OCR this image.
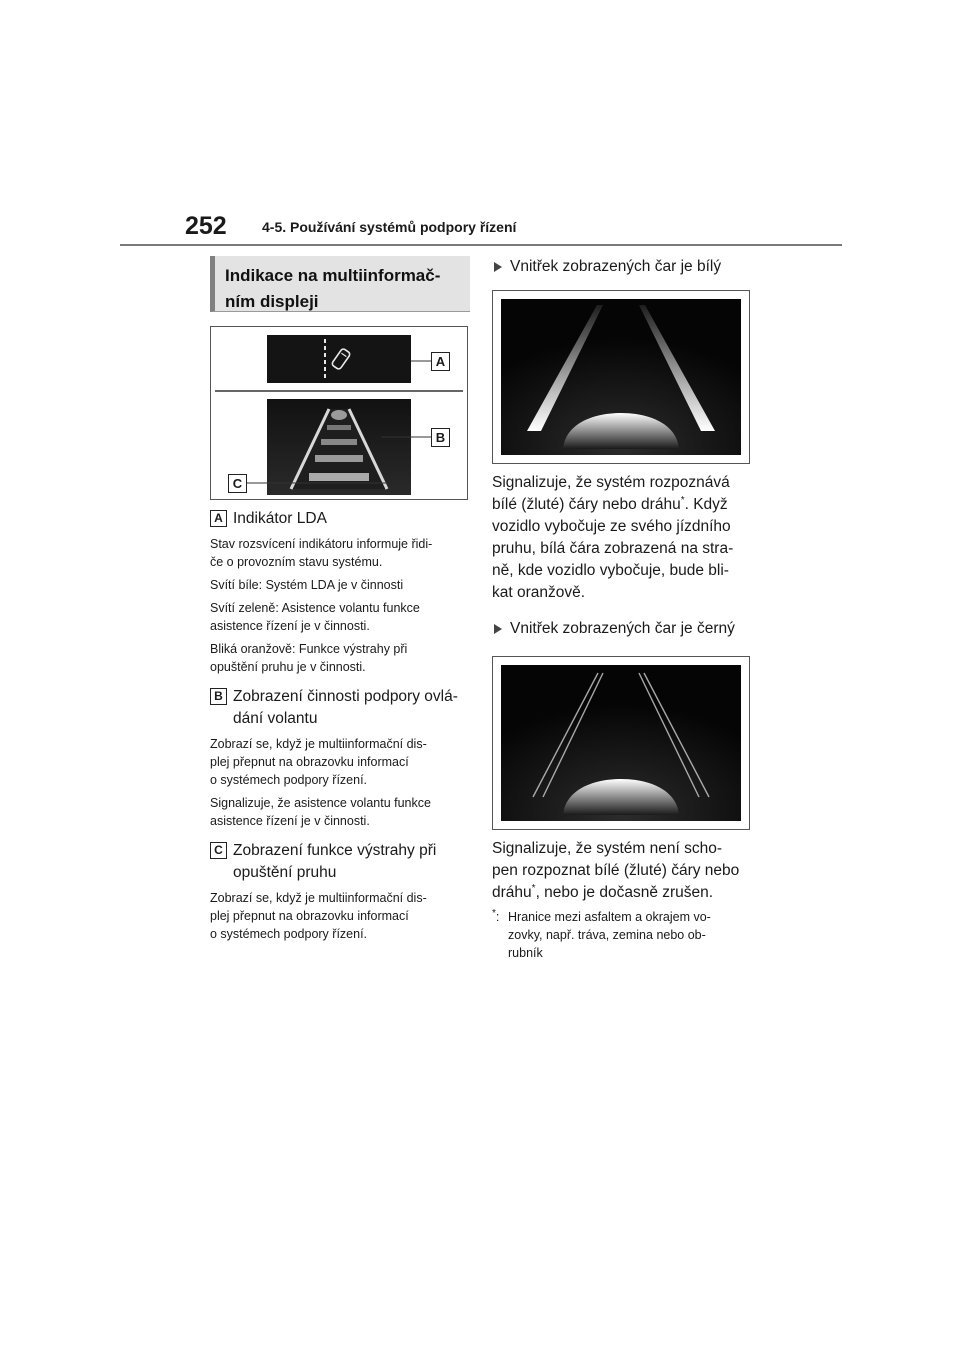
252	4-5. Používání systémů podpory řízení
Indikace na multiinformač-
ním displeji
A
B
C
A Indikátor LDA
Stav rozsvícení indikátoru informuje řidi-
če o provozním stavu systému.
Svítí bíle: Systém LDA je v činnosti
Svítí zeleně: Asistence volantu funkce
asistence řízení je v činnosti.
Bliká oranžově: Funkce výstrahy při
opuštění pruhu je v činnosti.
B Zobrazení činnosti podpory ovlá-
dání volantu
Zobrazí se, když je multiinformační dis-
plej přepnut na obrazovku informací
o systémech podpory řízení.
Signalizuje, že asistence volantu funkce
asistence řízení je v činnosti.
C Zobrazení funkce výstrahy při
opuštění pruhu
Zobrazí se, když je multiinformační dis-
plej přepnut na obrazovku informací
o systémech podpory řízení.
Vnitřek zobrazených čar je bílý
Signalizuje, že systém rozpoznává
bílé (žluté) čáry nebo dráhu*. Když
vozidlo vybočuje ze svého jízdního
pruhu, bílá čára zobrazená na stra-
ně, kde vozidlo vybočuje, bude bli-
kat oranžově.
Vnitřek zobrazených čar je černý
Signalizuje, že systém není scho-
pen rozpoznat bílé (žluté) čáry nebo
dráhu*, nebo je dočasně zrušen.
*: Hranice mezi asfaltem a okrajem vo-
zovky, např. tráva, zemina nebo ob-
rubník
